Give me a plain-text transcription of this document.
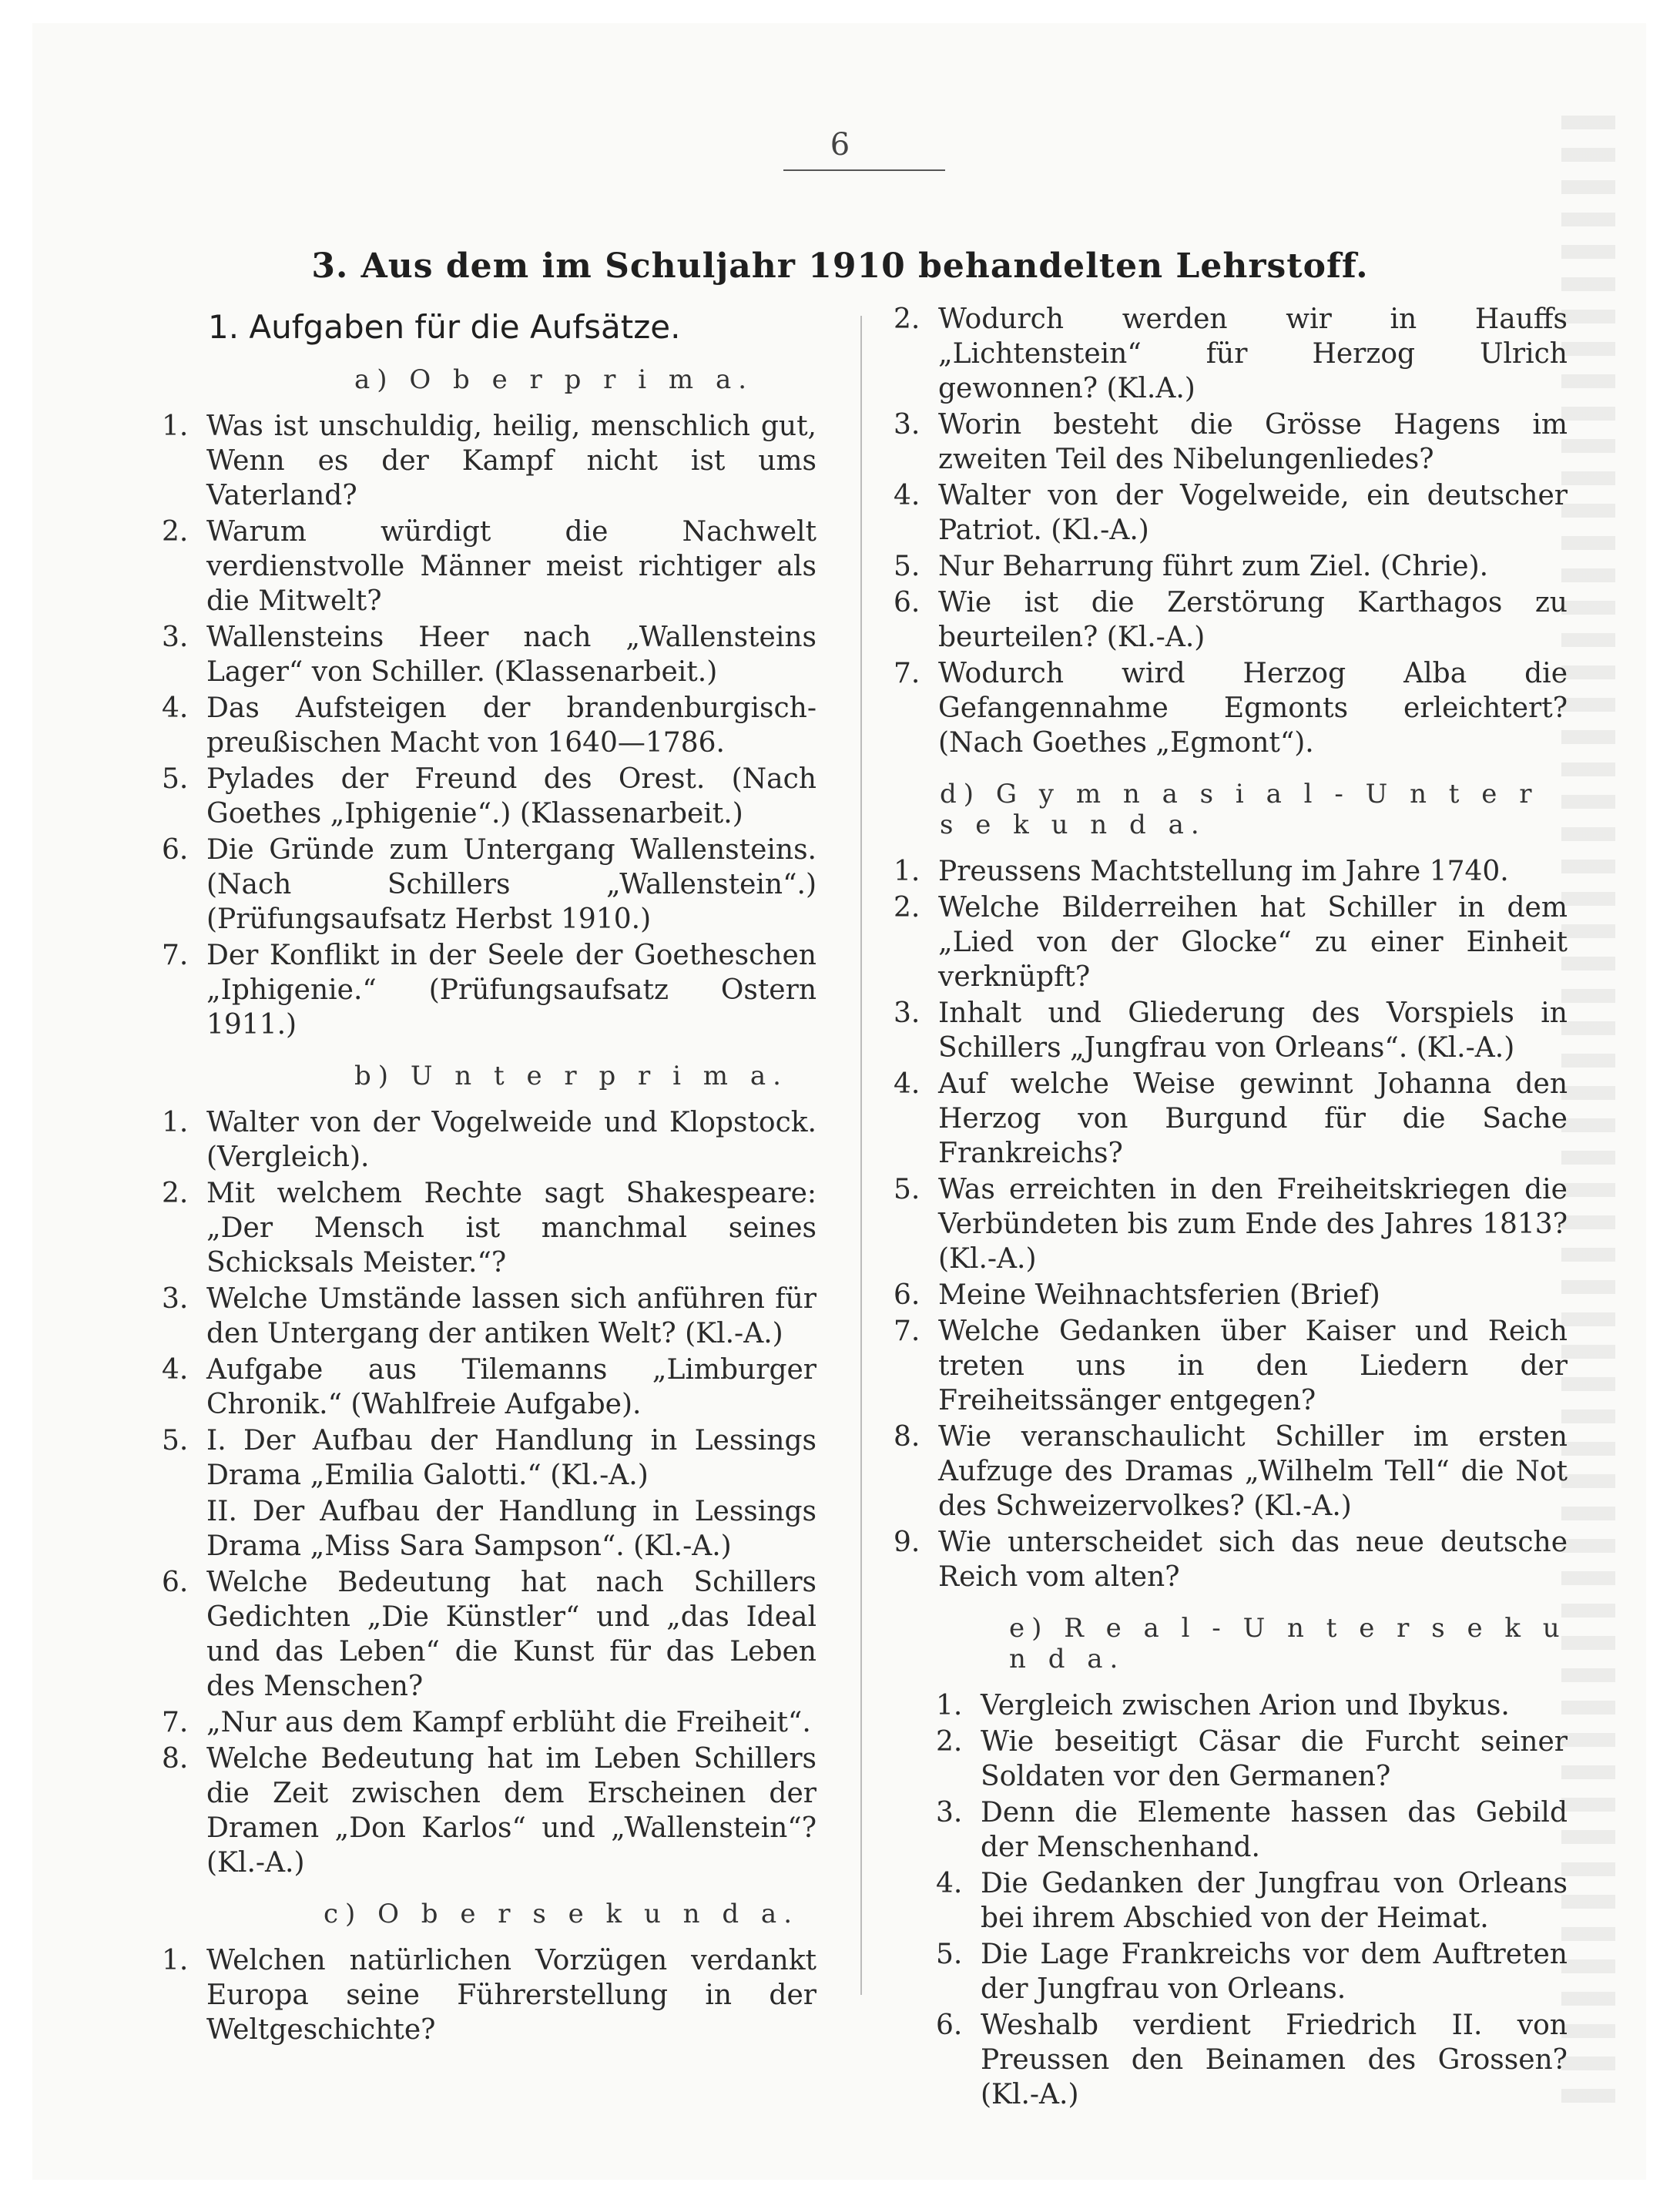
6
3. Aus dem im Schuljahr 1910 behandelten Lehrstoff.
1. Aufgaben für die Aufsätze.
a) O b e r p r i m a.
1. Was ist unschuldig, heilig, menschlich gut, Wenn es der Kampf nicht ist ums Vaterland?
2. Warum würdigt die Nachwelt verdienstvolle Männer meist richtiger als die Mitwelt?
3. Wallensteins Heer nach „Wallensteins Lager“ von Schiller. (Klassenarbeit.)
4. Das Aufsteigen der brandenburgisch-preußischen Macht von 1640—1786.
5. Pylades der Freund des Orest. (Nach Goethes „Iphigenie“.) (Klassenarbeit.)
6. Die Gründe zum Untergang Wallensteins. (Nach Schillers „Wallenstein“.) (Prüfungsaufsatz Herbst 1910.)
7. Der Konflikt in der Seele der Goetheschen „Iphigenie.“ (Prüfungsaufsatz Ostern 1911.)
b) U n t e r p r i m a.
1. Walter von der Vogelweide und Klopstock. (Vergleich).
2. Mit welchem Rechte sagt Shakespeare: „Der Mensch ist manchmal seines Schicksals Meister.“?
3. Welche Umstände lassen sich anführen für den Untergang der antiken Welt? (Kl.-A.)
4. Aufgabe aus Tilemanns „Limburger Chronik.“ (Wahlfreie Aufgabe).
5. I. Der Aufbau der Handlung in Lessings Drama „Emilia Galotti.“ (Kl.-A.)
II. Der Aufbau der Handlung in Lessings Drama „Miss Sara Sampson“. (Kl.-A.)
6. Welche Bedeutung hat nach Schillers Gedichten „Die Künstler“ und „das Ideal und das Leben“ die Kunst für das Leben des Menschen?
7. „Nur aus dem Kampf erblüht die Freiheit“.
8. Welche Bedeutung hat im Leben Schillers die Zeit zwischen dem Erscheinen der Dramen „Don Karlos“ und „Wallenstein“? (Kl.-A.)
c) O b e r s e k u n d a.
1. Welchen natürlichen Vorzügen verdankt Europa seine Führerstellung in der Weltgeschichte?
2. Wodurch werden wir in Hauffs „Lichtenstein“ für Herzog Ulrich gewonnen? (Kl.A.)
3. Worin besteht die Grösse Hagens im zweiten Teil des Nibelungenliedes?
4. Walter von der Vogelweide, ein deutscher Patriot. (Kl.-A.)
5. Nur Beharrung führt zum Ziel. (Chrie).
6. Wie ist die Zerstörung Karthagos zu beurteilen? (Kl.-A.)
7. Wodurch wird Herzog Alba die Gefangennahme Egmonts erleichtert? (Nach Goethes „Egmont“).
d) G y m n a s i a l - U n t e r s e k u n d a.
1. Preussens Machtstellung im Jahre 1740.
2. Welche Bilderreihen hat Schiller in dem „Lied von der Glocke“ zu einer Einheit verknüpft?
3. Inhalt und Gliederung des Vorspiels in Schillers „Jungfrau von Orleans“. (Kl.-A.)
4. Auf welche Weise gewinnt Johanna den Herzog von Burgund für die Sache Frankreichs?
5. Was erreichten in den Freiheitskriegen die Verbündeten bis zum Ende des Jahres 1813? (Kl.-A.)
6. Meine Weihnachtsferien (Brief)
7. Welche Gedanken über Kaiser und Reich treten uns in den Liedern der Freiheitssänger entgegen?
8. Wie veranschaulicht Schiller im ersten Aufzuge des Dramas „Wilhelm Tell“ die Not des Schweizervolkes? (Kl.-A.)
9. Wie unterscheidet sich das neue deutsche Reich vom alten?
e) R e a l - U n t e r s e k u n d a.
1. Vergleich zwischen Arion und Ibykus.
2. Wie beseitigt Cäsar die Furcht seiner Soldaten vor den Germanen?
3. Denn die Elemente hassen das Gebild der Menschenhand.
4. Die Gedanken der Jungfrau von Orleans bei ihrem Abschied von der Heimat.
5. Die Lage Frankreichs vor dem Auftreten der Jungfrau von Orleans.
6. Weshalb verdient Friedrich II. von Preussen den Beinamen des Grossen? (Kl.-A.)
